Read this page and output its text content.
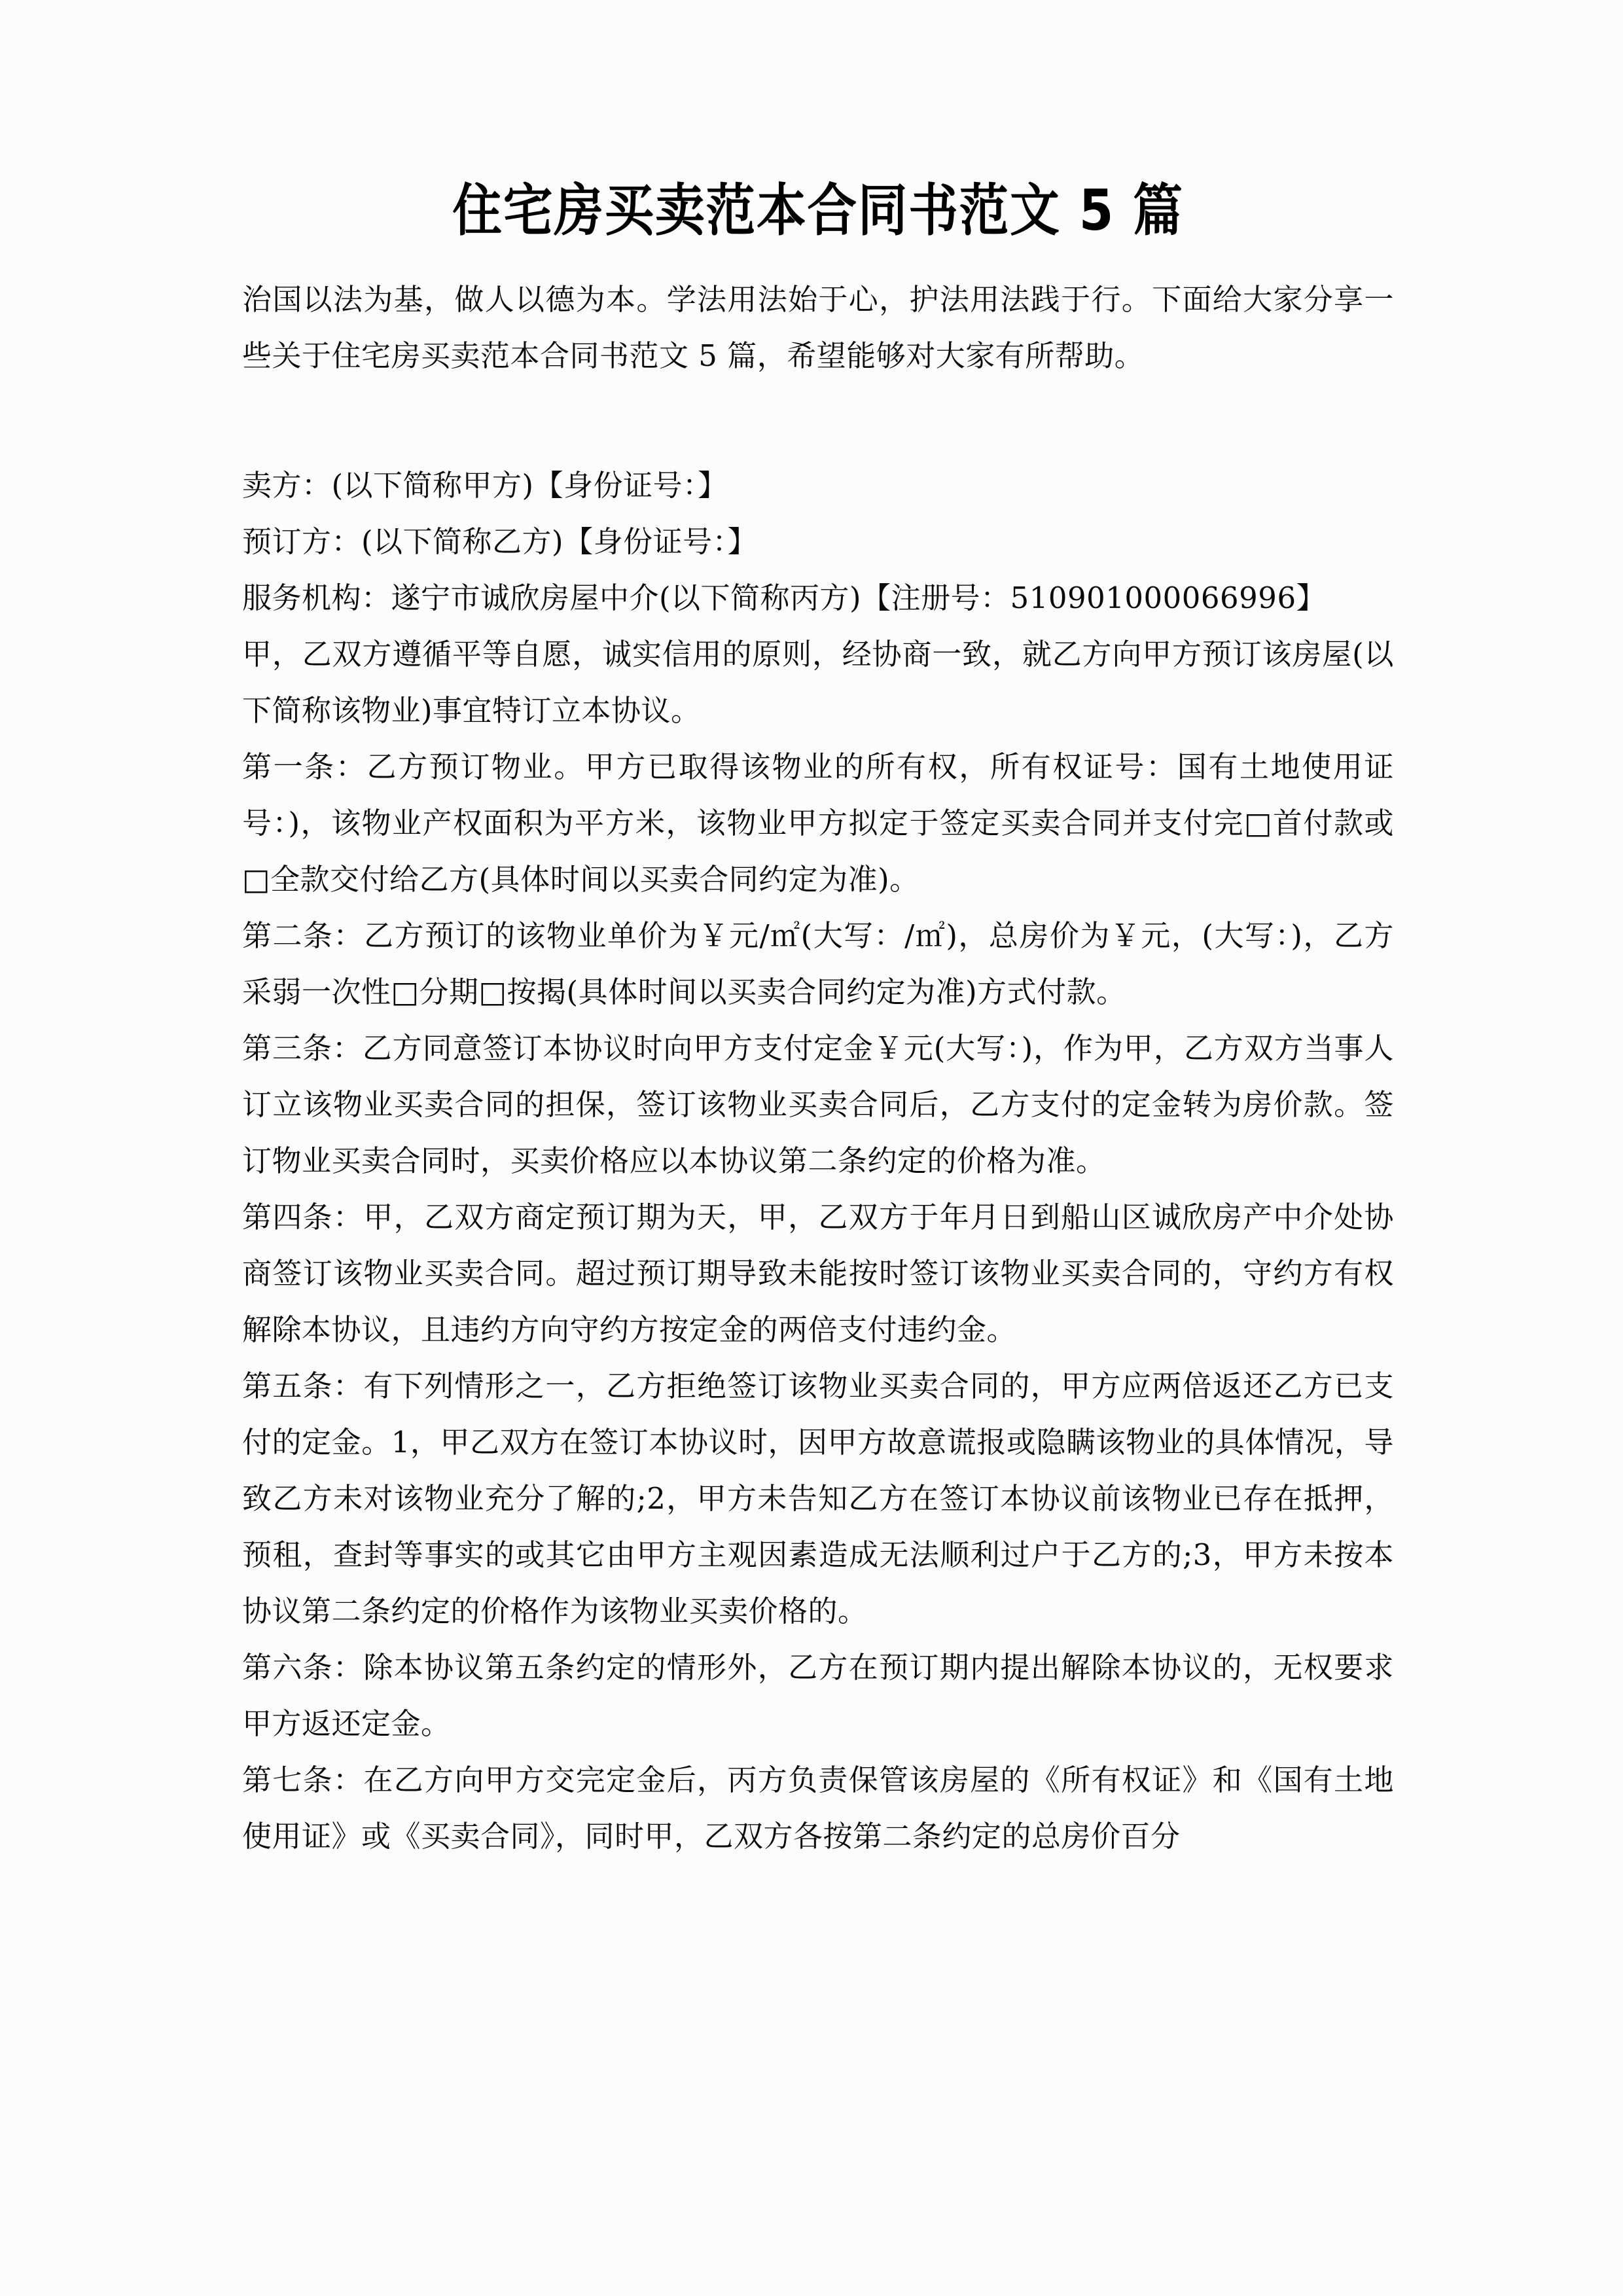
住宅房买卖范本合同书范文 5 篇

治国以法为基，做人以德为本。学法用法始于心，护法用法践于行。下面给大家分享一些关于住宅房买卖范本合同书范文 5 篇，希望能够对大家有所帮助。

卖方：(以下简称甲方)【身份证号：】

预订方：(以下简称乙方)【身份证号：】

服务机构：遂宁市诚欣房屋中介(以下简称丙方)【注册号：510901000066996】

甲，乙双方遵循平等自愿，诚实信用的原则，经协商一致，就乙方向甲方预订该房屋(以下简称该物业)事宜特订立本协议。

第一条：乙方预订物业。甲方已取得该物业的所有权，所有权证号：国有土地使用证号：)，该物业产权面积为平方米，该物业甲方拟定于签定买卖合同并支付完□首付款或□全款交付给乙方(具体时间以买卖合同约定为准)。

第二条：乙方预订的该物业单价为￥元/㎡(大写：/㎡)，总房价为￥元，(大写：)，乙方采弱一次性□分期□按揭(具体时间以买卖合同约定为准)方式付款。

第三条：乙方同意签订本协议时向甲方支付定金￥元(大写：)，作为甲，乙方双方当事人订立该物业买卖合同的担保，签订该物业买卖合同后，乙方支付的定金转为房价款。签订物业买卖合同时，买卖价格应以本协议第二条约定的价格为准。

第四条：甲，乙双方商定预订期为天，甲，乙双方于年月日到船山区诚欣房产中介处协商签订该物业买卖合同。超过预订期导致未能按时签订该物业买卖合同的，守约方有权解除本协议，且违约方向守约方按定金的两倍支付违约金。

第五条：有下列情形之一，乙方拒绝签订该物业买卖合同的，甲方应两倍返还乙方已支付的定金。1，甲乙双方在签订本协议时，因甲方故意谎报或隐瞒该物业的具体情况，导致乙方未对该物业充分了解的;2，甲方未告知乙方在签订本协议前该物业已存在抵押，预租，查封等事实的或其它由甲方主观因素造成无法顺利过户于乙方的;3，甲方未按本协议第二条约定的价格作为该物业买卖价格的。

第六条：除本协议第五条约定的情形外，乙方在预订期内提出解除本协议的，无权要求甲方返还定金。

第七条：在乙方向甲方交完定金后，丙方负责保管该房屋的《所有权证》和《国有土地使用证》或《买卖合同》，同时甲，乙双方各按第二条约定的总房价百分
